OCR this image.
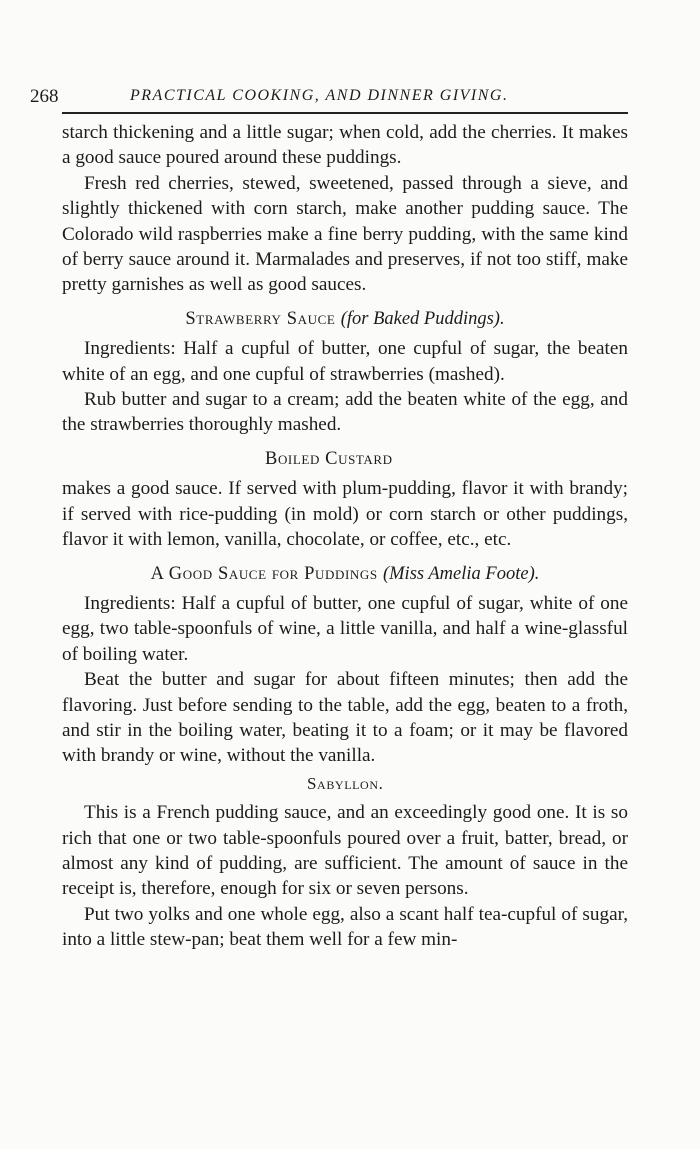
268	PRACTICAL COOKING, AND DINNER GIVING.

starch thickening and a little sugar; when cold, add the cherries. It makes a good sauce poured around these puddings.

Fresh red cherries, stewed, sweetened, passed through a sieve, and slightly thickened with corn starch, make another pudding sauce. The Colorado wild raspberries make a fine berry pudding, with the same kind of berry sauce around it. Marmalades and preserves, if not too stiff, make pretty garnishes as well as good sauces.

Strawberry Sauce (for Baked Puddings).

Ingredients: Half a cupful of butter, one cupful of sugar, the beaten white of an egg, and one cupful of strawberries (mashed).

Rub butter and sugar to a cream; add the beaten white of the egg, and the strawberries thoroughly mashed.

Boiled Custard

makes a good sauce. If served with plum-pudding, flavor it with brandy; if served with rice-pudding (in mold) or corn starch or other puddings, flavor it with lemon, vanilla, chocolate, or coffee, etc., etc.

A Good Sauce for Puddings (Miss Amelia Foote).

Ingredients: Half a cupful of butter, one cupful of sugar, white of one egg, two table-spoonfuls of wine, a little vanilla, and half a wine-glassful of boiling water.

Beat the butter and sugar for about fifteen minutes; then add the flavoring. Just before sending to the table, add the egg, beaten to a froth, and stir in the boiling water, beating it to a foam; or it may be flavored with brandy or wine, without the vanilla.

Sabyllon.

This is a French pudding sauce, and an exceedingly good one. It is so rich that one or two table-spoonfuls poured over a fruit, batter, bread, or almost any kind of pudding, are sufficient. The amount of sauce in the receipt is, therefore, enough for six or seven persons.

Put two yolks and one whole egg, also a scant half tea-cupful of sugar, into a little stew-pan; beat them well for a few min-
